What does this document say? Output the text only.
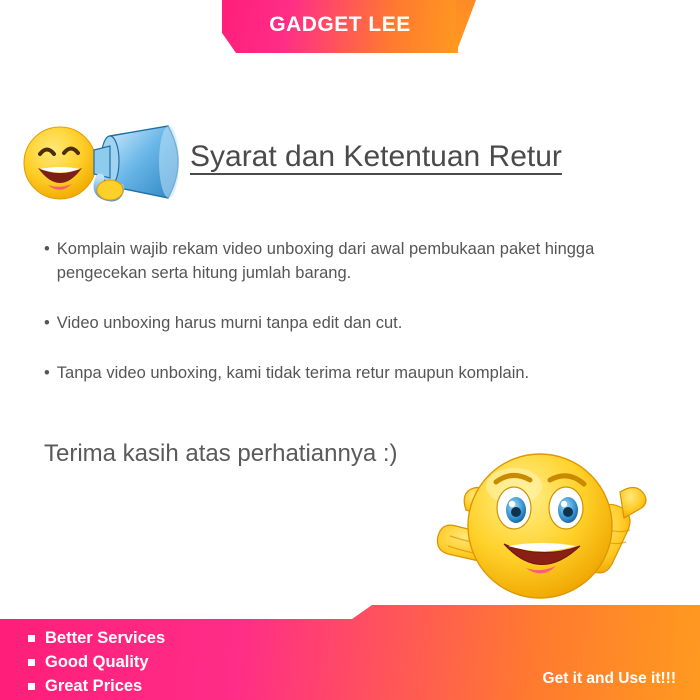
GADGET LEE
Syarat dan Ketentuan Retur
• Komplain wajib rekam video unboxing dari awal pembukaan paket hingga pengecekan serta hitung jumlah barang.
• Video unboxing harus murni tanpa edit dan cut.
• Tanpa video unboxing, kami tidak terima retur maupun komplain.
Terima kasih atas perhatiannya :)
Better Services
Good Quality
Great Prices	Get it and Use it!!!
